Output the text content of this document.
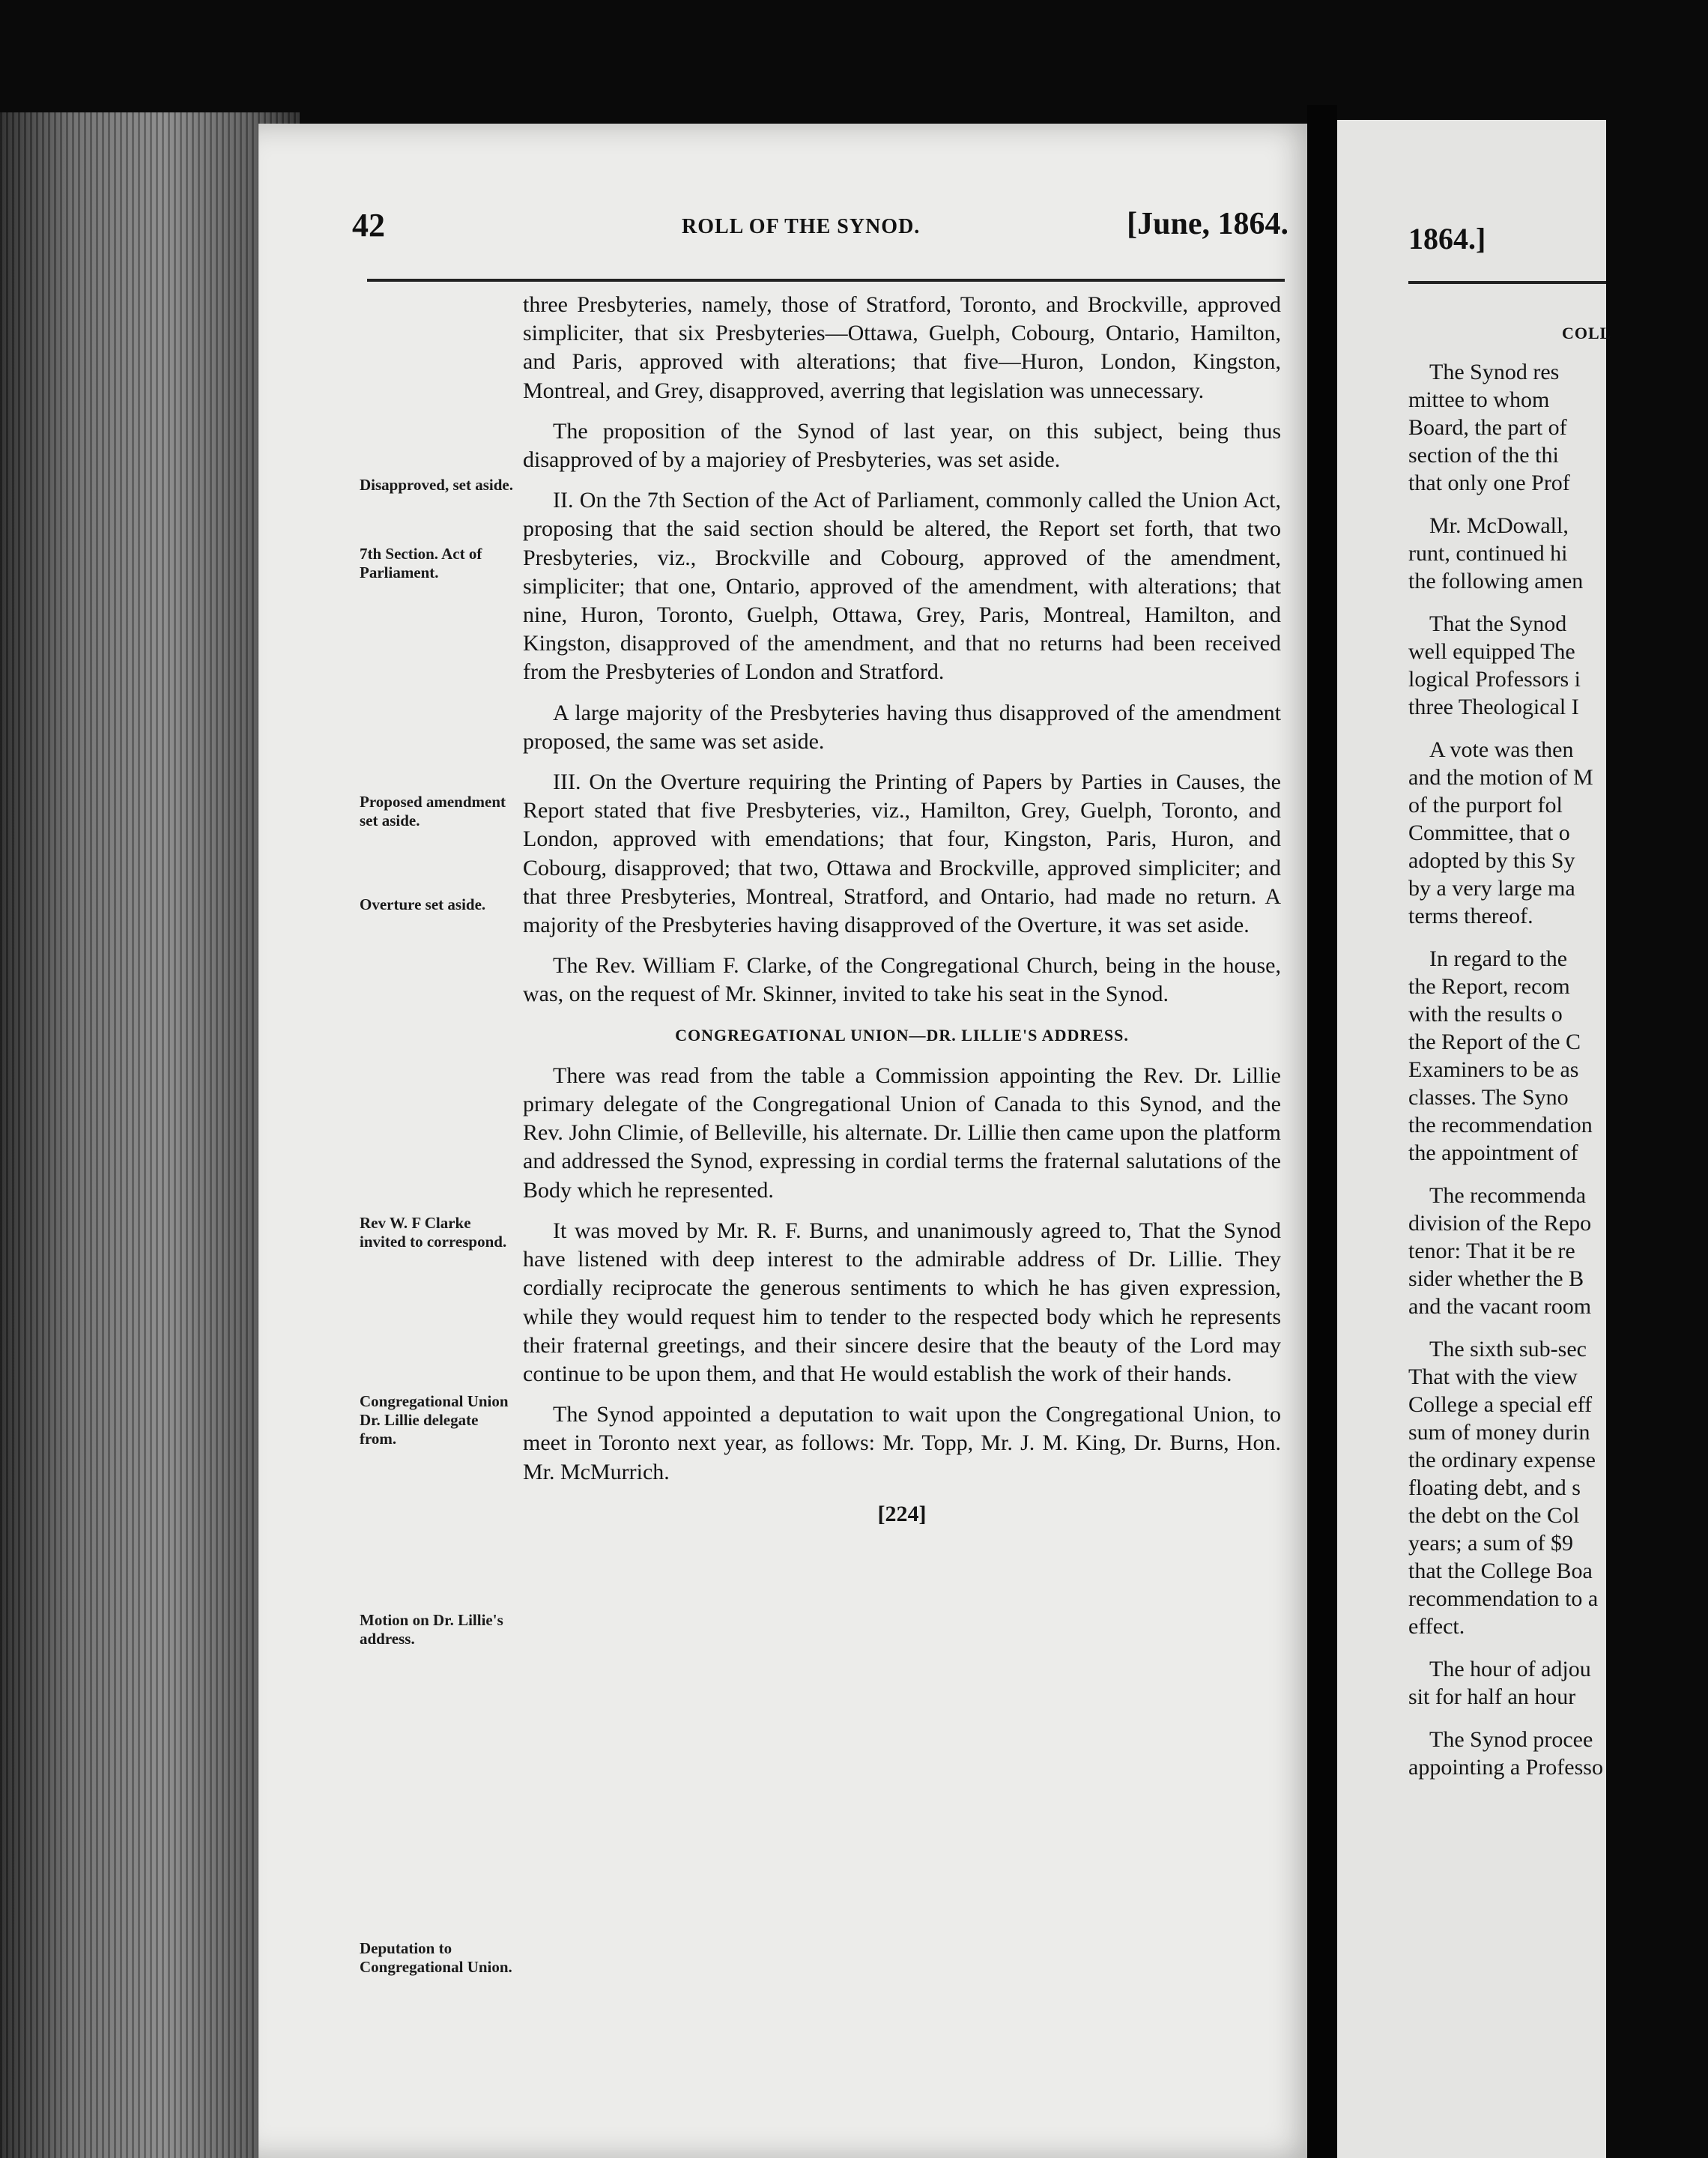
42	ROLL OF THE SYNOD.	[June, 1864.

three Presbyteries, namely, those of Stratford, Toronto, and Brockville, approved simpliciter, that six Presbyteries—Ottawa, Guelph, Cobourg, Ontario, Hamilton, and Paris, approved with alterations; that five—Huron, London, Kingston, Montreal, and Grey, disapproved, averring that legislation was unnecessary.

The proposition of the Synod of last year, on this subject, being thus disapproved of by a majoriey of Presbyteries, was set aside.

II. On the 7th Section of the Act of Parliament, commonly called the Union Act, proposing that the said section should be altered, the Report set forth, that two Presbyteries, viz., Brockville and Cobourg, approved of the amendment, simpliciter; that one, Ontario, approved of the amendment, with alterations; that nine, Huron, Toronto, Guelph, Ottawa, Grey, Paris, Montreal, Hamilton, and Kingston, disapproved of the amendment, and that no returns had been received from the Presbyteries of London and Stratford.

A large majority of the Presbyteries having thus disapproved of the amendment proposed, the same was set aside.

III. On the Overture requiring the Printing of Papers by Parties in Causes, the Report stated that five Presbyteries, viz., Hamilton, Grey, Guelph, Toronto, and London, approved with emendations; that four, Kingston, Paris, Huron, and Cobourg, disapproved; that two, Ottawa and Brockville, approved simpliciter; and that three Presbyteries, Montreal, Stratford, and Ontario, had made no return. A majority of the Presbyteries having disapproved of the Overture, it was set aside.

The Rev. William F. Clarke, of the Congregational Church, being in the house, was, on the request of Mr. Skinner, invited to take his seat in the Synod.

CONGREGATIONAL UNION—DR. LILLIE'S ADDRESS.

There was read from the table a Commission appointing the Rev. Dr. Lillie primary delegate of the Congregational Union of Canada to this Synod, and the Rev. John Climie, of Belleville, his alternate. Dr. Lillie then came upon the platform and addressed the Synod, expressing in cordial terms the fraternal salutations of the Body which he represented.

It was moved by Mr. R. F. Burns, and unanimously agreed to, That the Synod have listened with deep interest to the admirable address of Dr. Lillie. They cordially reciprocate the generous sentiments to which he has given expression, while they would request him to tender to the respected body which he represents their fraternal greetings, and their sincere desire that the beauty of the Lord may continue to be upon them, and that He would establish the work of their hands.

The Synod appointed a deputation to wait upon the Congregational Union, to meet in Toronto next year, as follows: Mr. Topp, Mr. J. M. King, Dr. Burns, Hon. Mr. McMurrich.

[224]

Disapproved, set aside.
7th Section. Act of Parliament.
Proposed amendment set aside.
Overture set aside.
Rev W. F Clarke invited to correspond.
Congregational Union Dr. Lillie delegate from.
Motion on Dr. Lillie's address.
Deputation to Congregational Union.
1864.]
COLL
The Synod res
mittee to whom
Board, the part of
section of the thi
that only one Prof
Mr. McDowall,
runt, continued hi
the following amen
That the Synod
well equipped The
logical Professors i
three Theological I
A vote was then
and the motion of M
of the purport fol
Committee, that o
adopted by this Sy
by a very large ma
terms thereof.
In regard to the
the Report, recom
with the results o
the Report of the C
Examiners to be as
classes. The Syno
the recommendation
the appointment of
The recommenda
division of the Repo
tenor: That it be re
sider whether the B
and the vacant room
The sixth sub-sec
That with the view
College a special eff
sum of money durin
the ordinary expense
floating debt, and s
the debt on the Col
years; a sum of $9
that the College Boa
recommendation to a
effect.
The hour of adjou
sit for half an hour
The Synod procee
appointing a Professo
